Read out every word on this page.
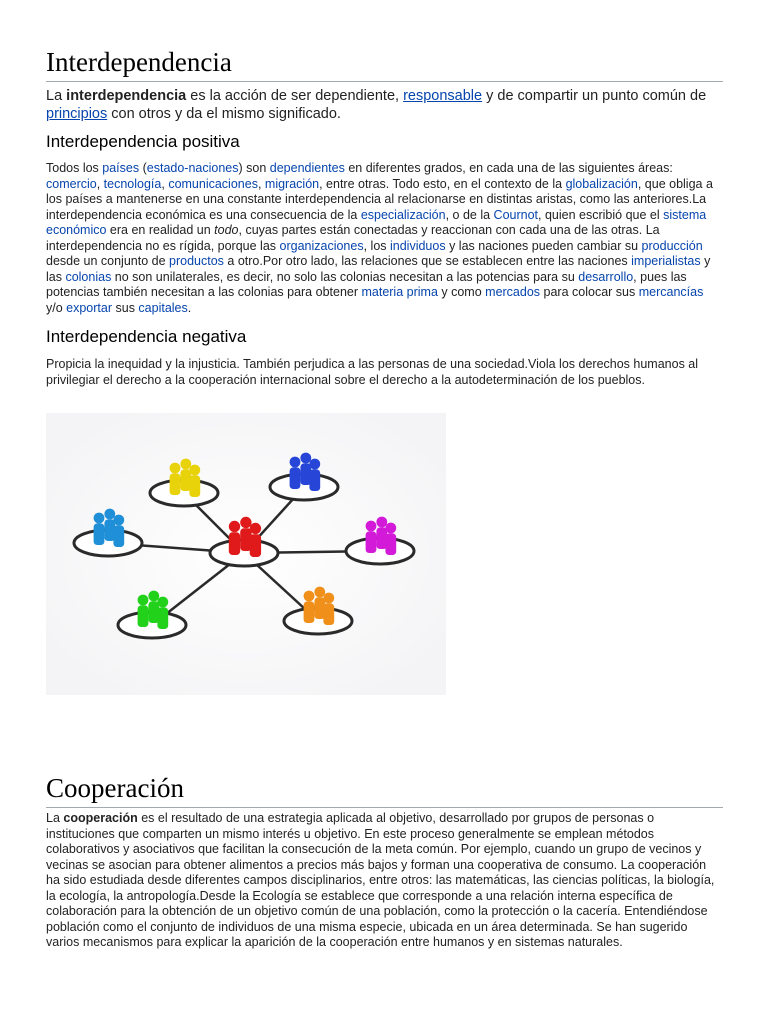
Interdependencia

La interdependencia es la acción de ser dependiente, responsable y de compartir un punto común de principios con otros y da el mismo significado.

Interdependencia positiva

Todos los países (estado-naciones) son dependientes en diferentes grados, en cada una de las siguientes áreas: comercio, tecnología, comunicaciones, migración, entre otras. Todo esto, en el contexto de la globalización, que obliga a los países a mantenerse en una constante interdependencia al relacionarse en distintas aristas, como las anteriores.La interdependencia económica es una consecuencia de la especialización, o de la Cournot, quien escribió que el sistema económico era en realidad un todo, cuyas partes están conectadas y reaccionan con cada una de las otras. La interdependencia no es rígida, porque las organizaciones, los individuos y las naciones pueden cambiar su producción desde un conjunto de productos a otro.Por otro lado, las relaciones que se establecen entre las naciones imperialistas y las colonias no son unilaterales, es decir, no solo las colonias necesitan a las potencias para su desarrollo, pues las potencias también necesitan a las colonias para obtener materia prima y como mercados para colocar sus mercancías y/o exportar sus capitales.

Interdependencia negativa

Propicia la inequidad y la injusticia. También perjudica a las personas de una sociedad.Viola los derechos humanos al privilegiar el derecho a la cooperación internacional sobre el derecho a la autodeterminación de los pueblos.

Cooperación

La cooperación es el resultado de una estrategia aplicada al objetivo, desarrollado por grupos de personas o instituciones que comparten un mismo interés u objetivo. En este proceso generalmente se emplean métodos colaborativos y asociativos que facilitan la consecución de la meta común. Por ejemplo, cuando un grupo de vecinos y vecinas se asocian para obtener alimentos a precios más bajos y forman una cooperativa de consumo. La cooperación ha sido estudiada desde diferentes campos disciplinarios, entre otros: las matemáticas, las ciencias políticas, la biología, la ecología, la antropología.Desde la Ecología se establece que corresponde a una relación interna específica de colaboración para la obtención de un objetivo común de una población, como la protección o la cacería. Entendiéndose población como el conjunto de individuos de una misma especie, ubicada en un área determinada. Se han sugerido varios mecanismos para explicar la aparición de la cooperación entre humanos y en sistemas naturales.
